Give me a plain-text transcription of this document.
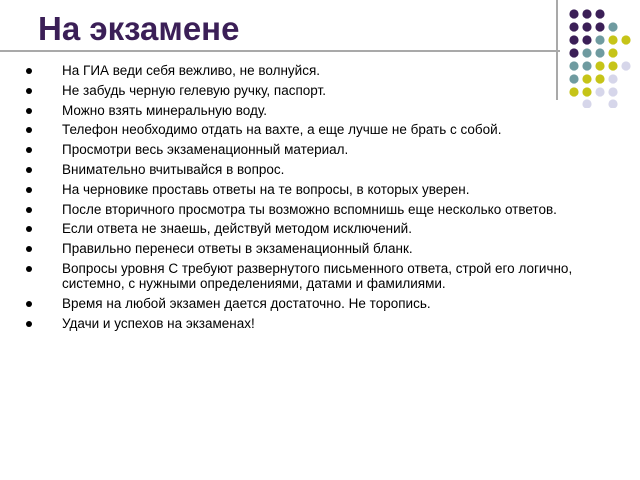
На экзамене
На ГИА веди себя вежливо, не волнуйся.
Не забудь черную гелевую ручку, паспорт.
Можно взять минеральную воду.
Телефон необходимо отдать на вахте, а еще лучше не брать с собой.
Просмотри весь экзаменационный материал.
Внимательно вчитывайся в вопрос.
На черновике проставь ответы на те вопросы, в которых уверен.
После вторичного просмотра ты возможно вспомнишь еще несколько ответов.
Если ответа не знаешь, действуй методом исключений.
Правильно перенеси ответы в экзаменационный бланк.
Вопросы уровня С требуют развернутого письменного ответа, строй его логично, системно, с нужными определениями, датами и фамилиями.
Время на любой экзамен дается достаточно. Не торопись.
Удачи и успехов на экзаменах!
